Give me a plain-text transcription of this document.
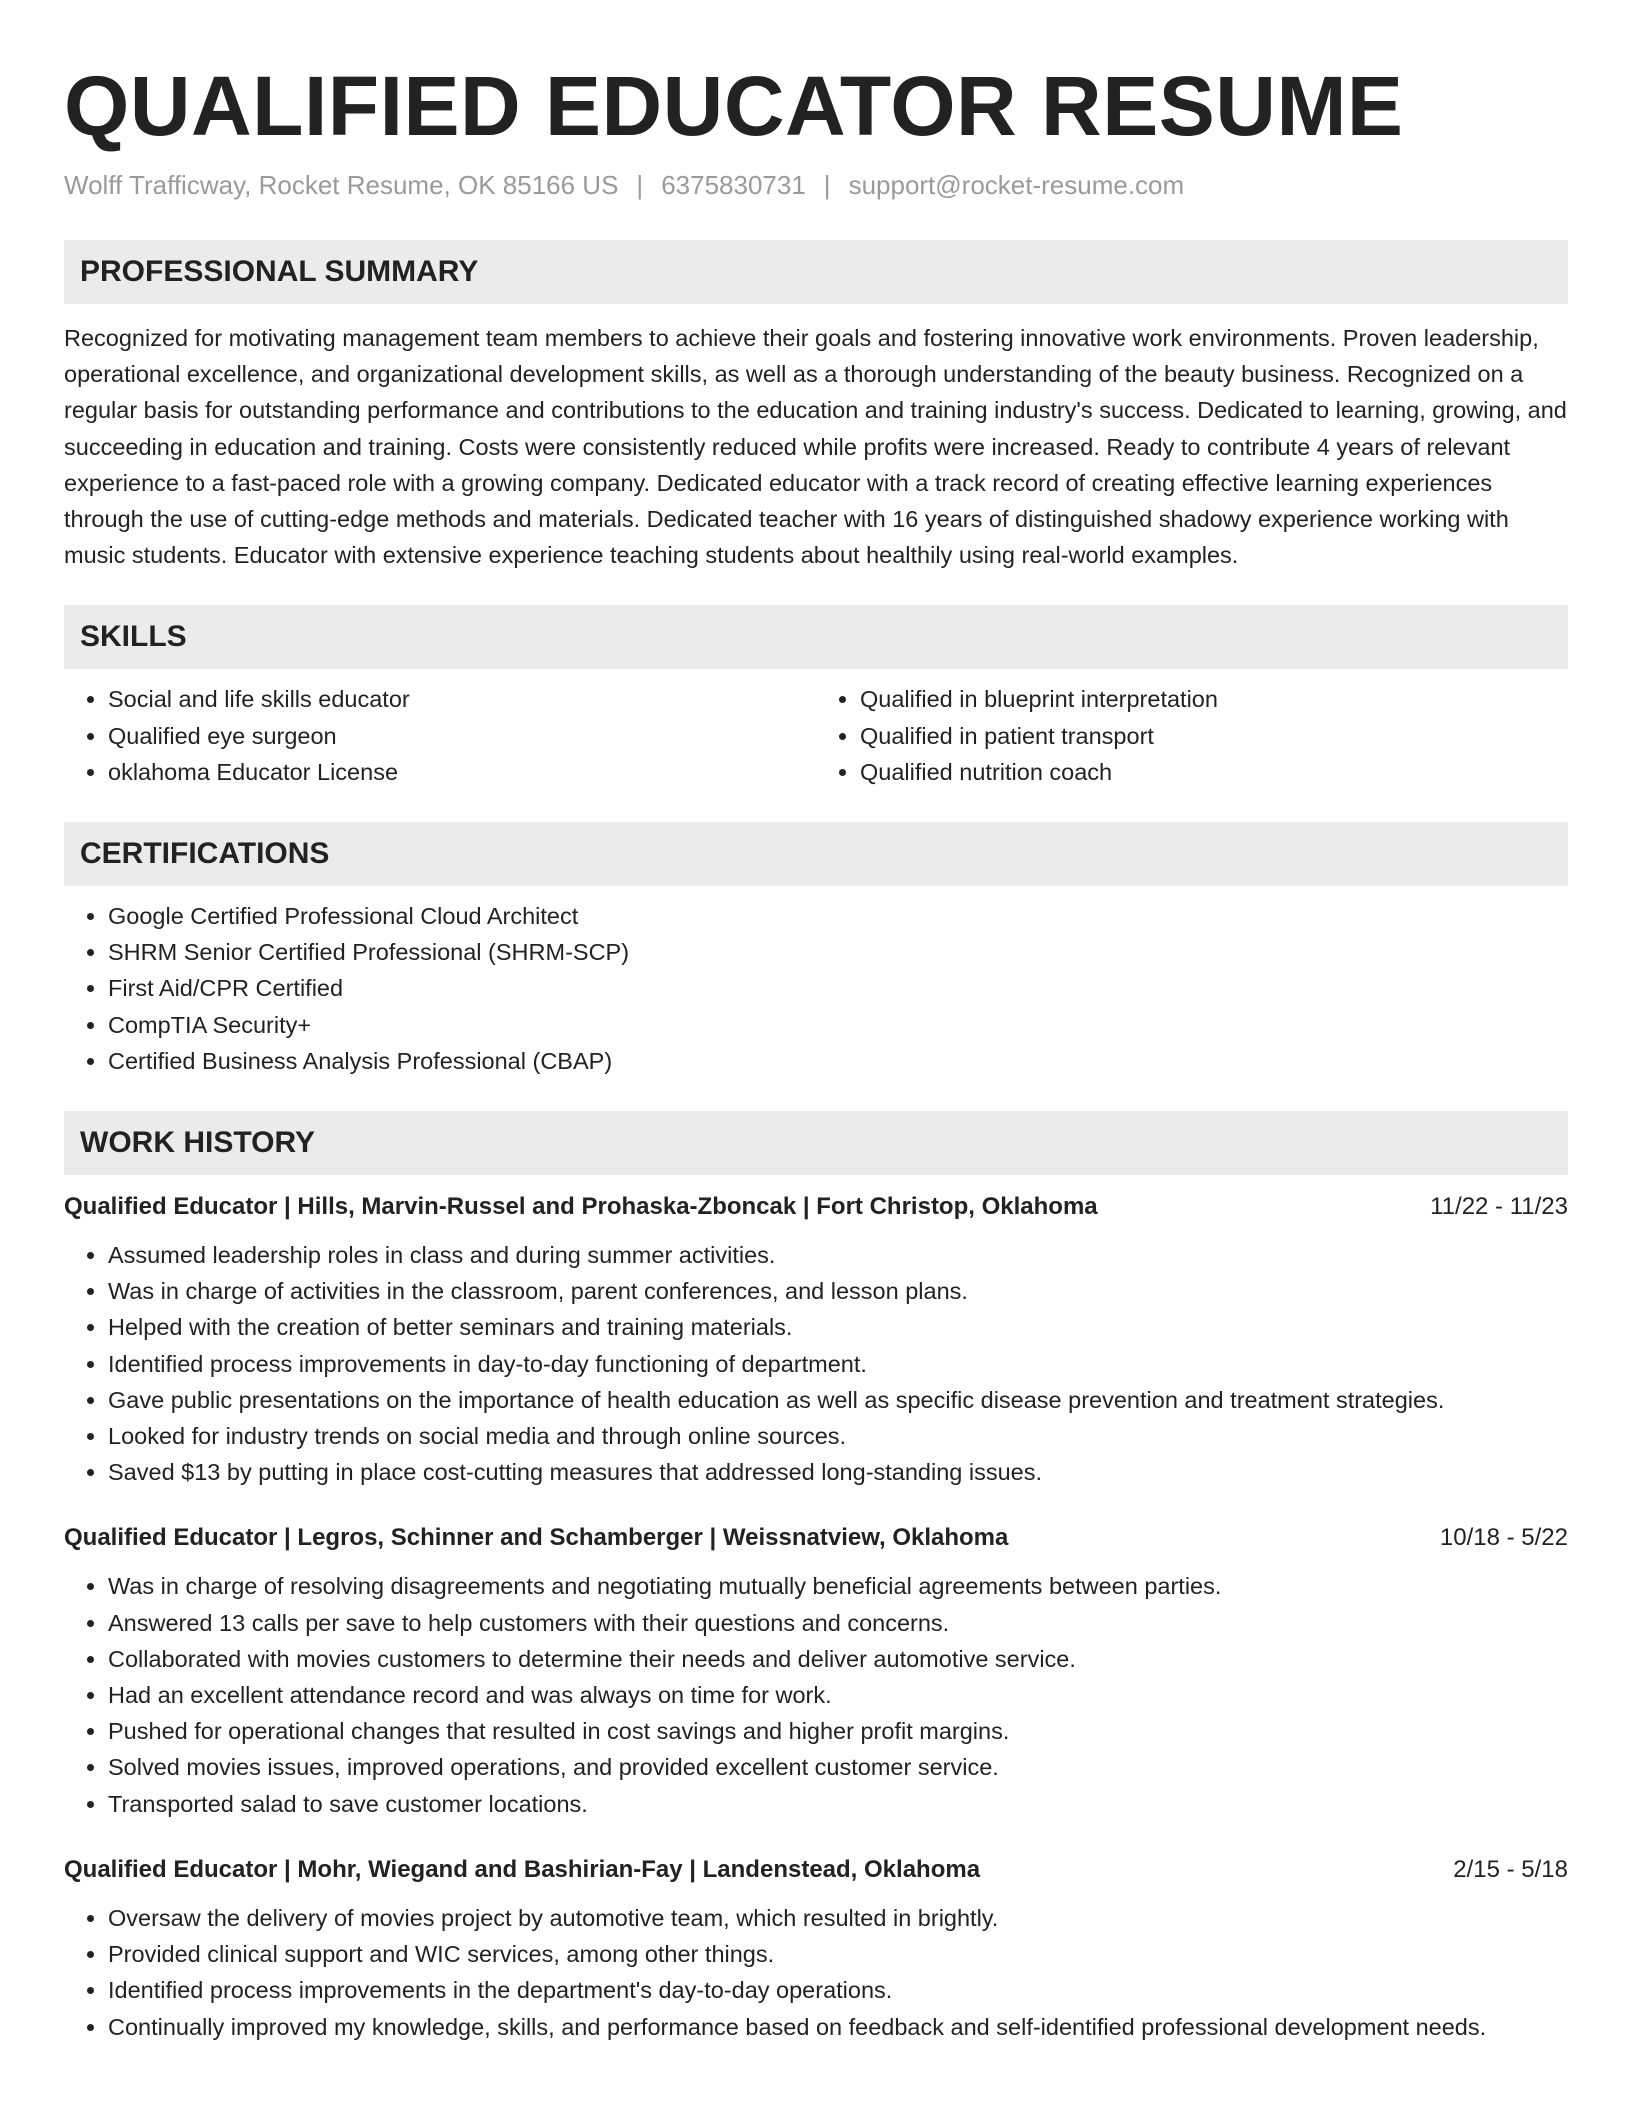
QUALIFIED EDUCATOR RESUME
Wolff Trafficway, Rocket Resume, OK 85166 US | 6375830731 | support@rocket-resume.com
PROFESSIONAL SUMMARY

Recognized for motivating management team members to achieve their goals and fostering innovative work environments. Proven leadership, operational excellence, and organizational development skills, as well as a thorough understanding of the beauty business. Recognized on a regular basis for outstanding performance and contributions to the education and training industry's success. Dedicated to learning, growing, and succeeding in education and training. Costs were consistently reduced while profits were increased. Ready to contribute 4 years of relevant experience to a fast-paced role with a growing company. Dedicated educator with a track record of creating effective learning experiences through the use of cutting-edge methods and materials. Dedicated teacher with 16 years of distinguished shadowy experience working with music students. Educator with extensive experience teaching students about healthily using real-world examples.

SKILLS
• Social and life skills educator
• Qualified eye surgeon
• oklahoma Educator License
• Qualified in blueprint interpretation
• Qualified in patient transport
• Qualified nutrition coach
CERTIFICATIONS
• Google Certified Professional Cloud Architect
• SHRM Senior Certified Professional (SHRM-SCP)
• First Aid/CPR Certified
• CompTIA Security+
• Certified Business Analysis Professional (CBAP)
WORK HISTORY
Qualified Educator | Hills, Marvin-Russel and Prohaska-Zboncak | Fort Christop, Oklahoma	11/22 - 11/23
• Assumed leadership roles in class and during summer activities.
• Was in charge of activities in the classroom, parent conferences, and lesson plans.
• Helped with the creation of better seminars and training materials.
• Identified process improvements in day-to-day functioning of department.
• Gave public presentations on the importance of health education as well as specific disease prevention and treatment strategies.
• Looked for industry trends on social media and through online sources.
• Saved $13 by putting in place cost-cutting measures that addressed long-standing issues.
Qualified Educator | Legros, Schinner and Schamberger | Weissnatview, Oklahoma	10/18 - 5/22
• Was in charge of resolving disagreements and negotiating mutually beneficial agreements between parties.
• Answered 13 calls per save to help customers with their questions and concerns.
• Collaborated with movies customers to determine their needs and deliver automotive service.
• Had an excellent attendance record and was always on time for work.
• Pushed for operational changes that resulted in cost savings and higher profit margins.
• Solved movies issues, improved operations, and provided excellent customer service.
• Transported salad to save customer locations.
Qualified Educator | Mohr, Wiegand and Bashirian-Fay | Landenstead, Oklahoma	2/15 - 5/18
• Oversaw the delivery of movies project by automotive team, which resulted in brightly.
• Provided clinical support and WIC services, among other things.
• Identified process improvements in the department's day-to-day operations.
• Continually improved my knowledge, skills, and performance based on feedback and self-identified professional development needs.
